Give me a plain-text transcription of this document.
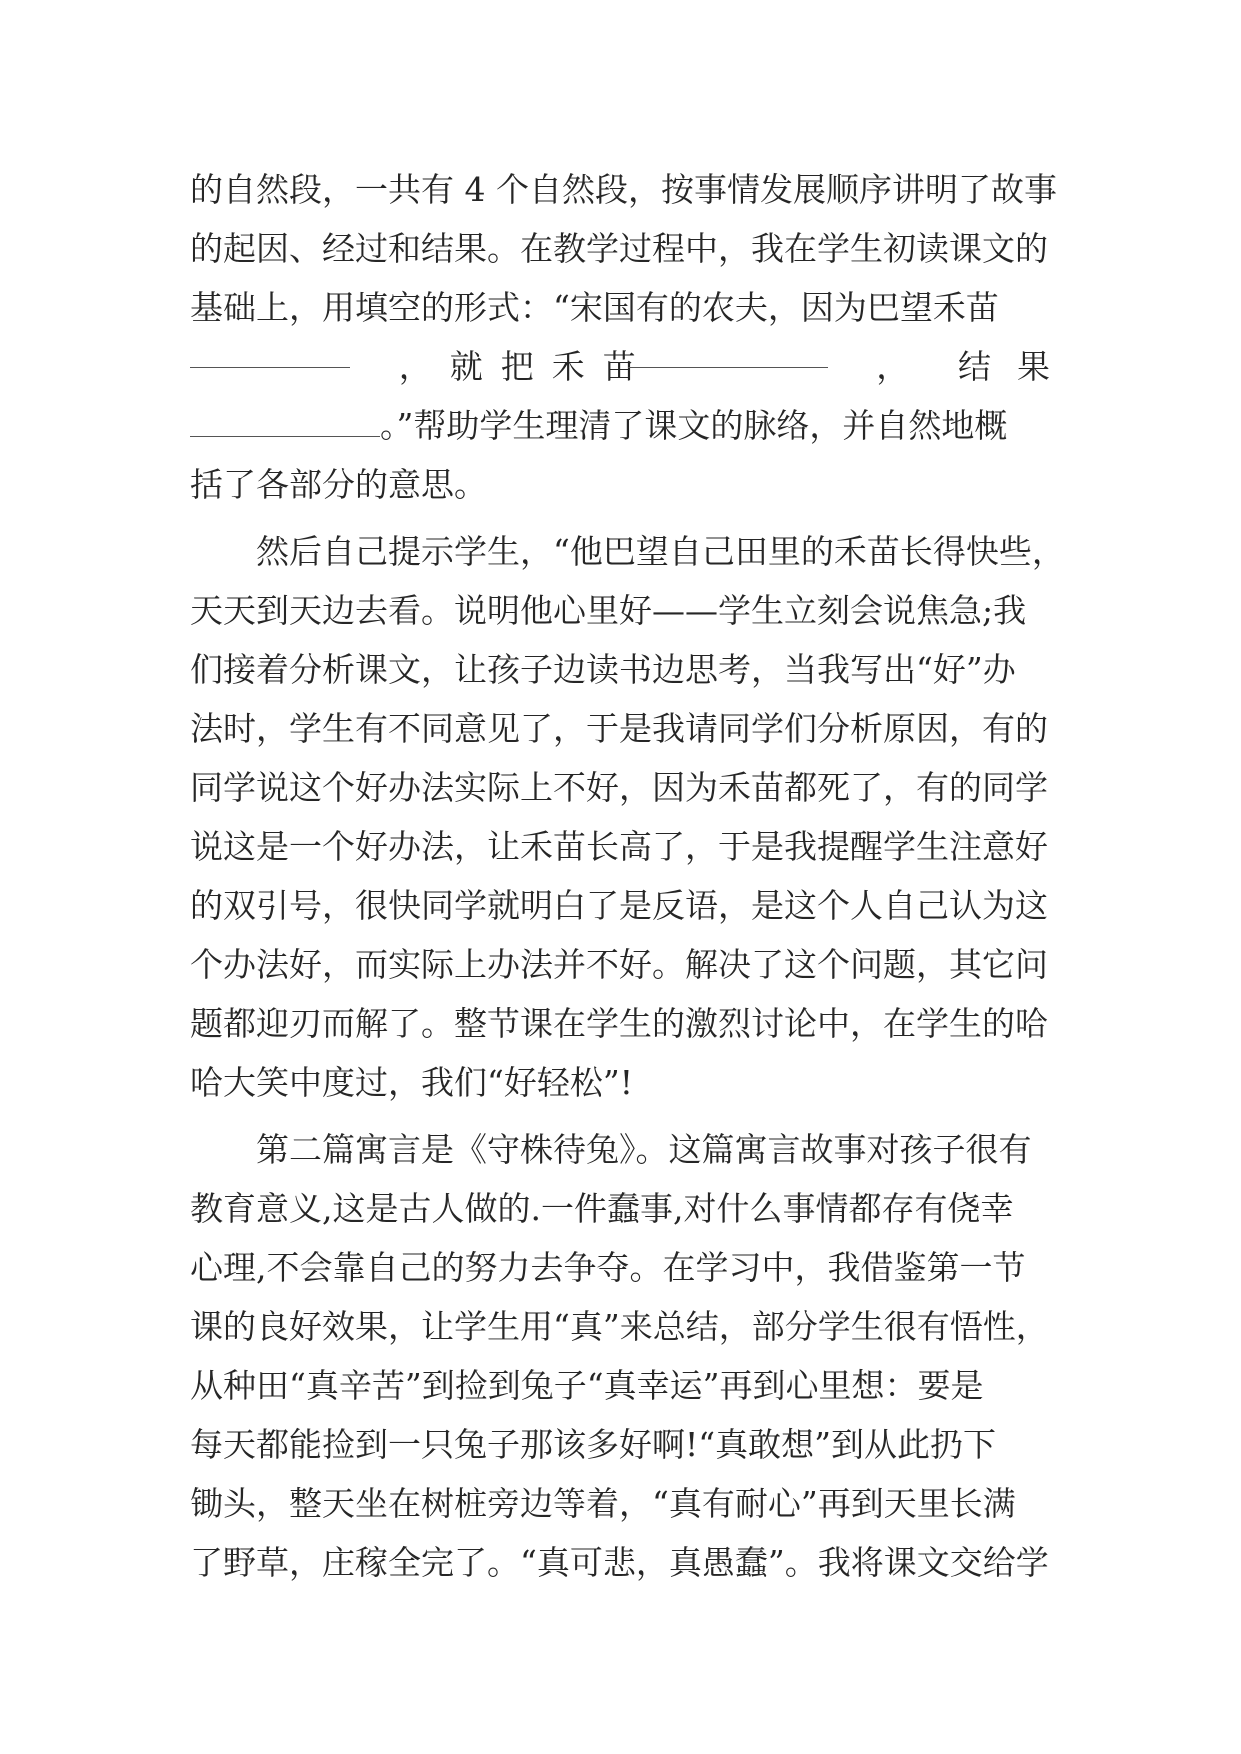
的自然段，一共有 4 个自然段，按事情发展顺序讲明了故事
的起因、经过和结果。在教学过程中，我在学生初读课文的
基础上，用填空的形式：“宋国有的农夫，因为巴望禾苗
，就把禾苗	， 结果
。”帮助学生理清了课文的脉络，并自然地概
括了各部分的意思。
然后自己提示学生，“他巴望自己田里的禾苗长得快些，
天天到天边去看。说明他心里好——学生立刻会说焦急;我
们接着分析课文，让孩子边读书边思考，当我写出“好”办
法时，学生有不同意见了，于是我请同学们分析原因，有的
同学说这个好办法实际上不好，因为禾苗都死了，有的同学
说这是一个好办法，让禾苗长高了，于是我提醒学生注意好
的双引号，很快同学就明白了是反语，是这个人自己认为这
个办法好，而实际上办法并不好。解决了这个问题，其它问
题都迎刃而解了。整节课在学生的激烈讨论中，在学生的哈
哈大笑中度过，我们“好轻松”!
第二篇寓言是《守株待兔》。这篇寓言故事对孩子很有
教育意义,这是古人做的.一件蠢事,对什么事情都存有侥幸
心理,不会靠自己的努力去争夺。在学习中，我借鉴第一节
课的良好效果，让学生用“真”来总结，部分学生很有悟性，
从种田“真辛苦”到捡到兔子“真幸运”再到心里想：要是
每天都能捡到一只兔子那该多好啊!“真敢想”到从此扔下
锄头，整天坐在树桩旁边等着，“真有耐心”再到天里长满
了野草，庄稼全完了。“真可悲，真愚蠢”。我将课文交给学
